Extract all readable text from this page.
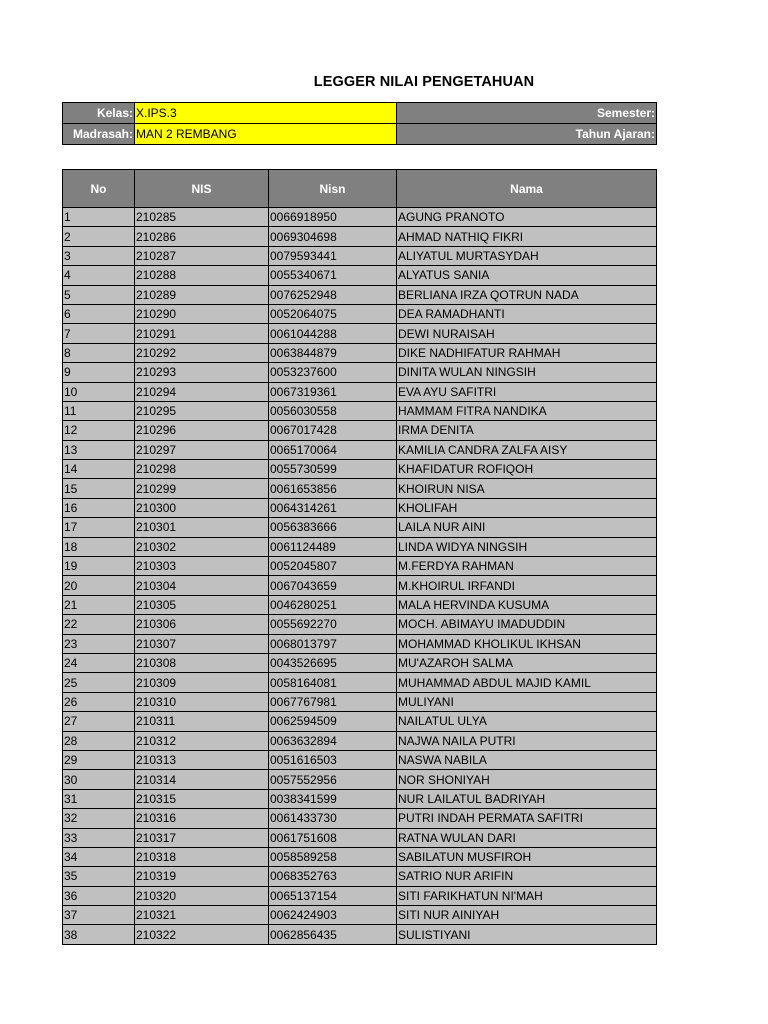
LEGGER NILAI PENGETAHUAN
Kelas:	X.IPS.3	Semester:
Madrasah:	MAN 2 REMBANG	Tahun Ajaran:
No	NIS	Nisn	Nama
1	210285	0066918950	AGUNG PRANOTO
2	210286	0069304698	AHMAD NATHIQ FIKRI
3	210287	0079593441	ALIYATUL MURTASYDAH
4	210288	0055340671	ALYATUS SANIA
5	210289	0076252948	BERLIANA IRZA QOTRUN NADA
6	210290	0052064075	DEA RAMADHANTI
7	210291	0061044288	DEWI NURAISAH
8	210292	0063844879	DIKE NADHIFATUR RAHMAH
9	210293	0053237600	DINITA WULAN NINGSIH
10	210294	0067319361	EVA AYU SAFITRI
11	210295	0056030558	HAMMAM FITRA NANDIKA
12	210296	0067017428	IRMA DENITA
13	210297	0065170064	KAMILIA CANDRA ZALFA AISY
14	210298	0055730599	KHAFIDATUR ROFIQOH
15	210299	0061653856	KHOIRUN NISA
16	210300	0064314261	KHOLIFAH
17	210301	0056383666	LAILA NUR AINI
18	210302	0061124489	LINDA WIDYA NINGSIH
19	210303	0052045807	M.FERDYA RAHMAN
20	210304	0067043659	M.KHOIRUL IRFANDI
21	210305	0046280251	MALA HERVINDA KUSUMA
22	210306	0055692270	MOCH. ABIMAYU IMADUDDIN
23	210307	0068013797	MOHAMMAD KHOLIKUL IKHSAN
24	210308	0043526695	MU'AZAROH SALMA
25	210309	0058164081	MUHAMMAD ABDUL MAJID KAMIL
26	210310	0067767981	MULIYANI
27	210311	0062594509	NAILATUL ULYA
28	210312	0063632894	NAJWA NAILA PUTRI
29	210313	0051616503	NASWA NABILA
30	210314	0057552956	NOR SHONIYAH
31	210315	0038341599	NUR LAILATUL BADRIYAH
32	210316	0061433730	PUTRI INDAH PERMATA SAFITRI
33	210317	0061751608	RATNA WULAN DARI
34	210318	0058589258	SABILATUN MUSFIROH
35	210319	0068352763	SATRIO NUR ARIFIN
36	210320	0065137154	SITI FARIKHATUN NI'MAH
37	210321	0062424903	SITI NUR AINIYAH
38	210322	0062856435	SULISTIYANI
